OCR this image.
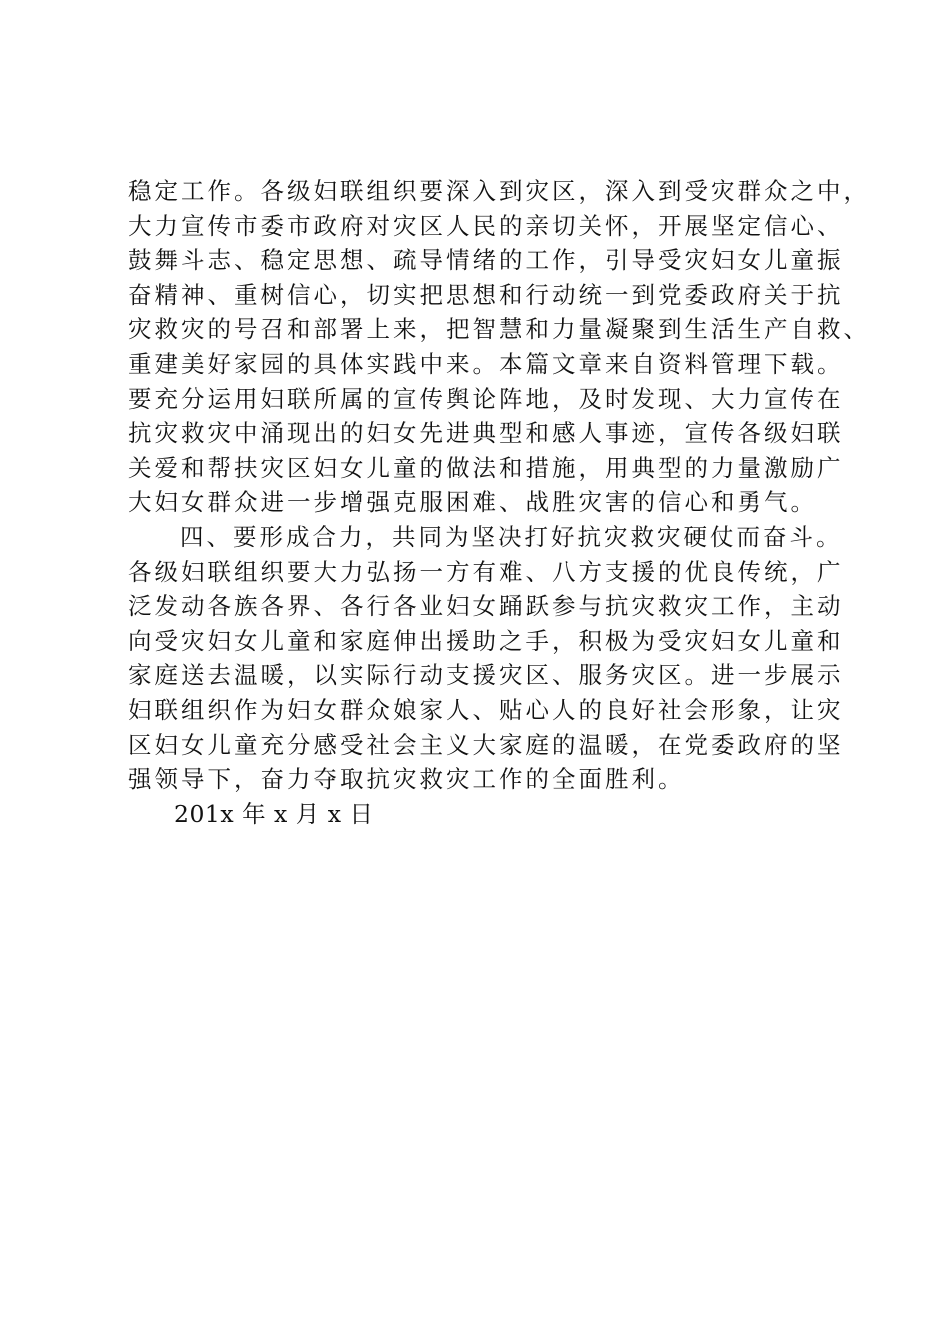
稳定工作。各级妇联组织要深入到灾区，深入到受灾群众之中，
大力宣传市委市政府对灾区人民的亲切关怀，开展坚定信心、
鼓舞斗志、稳定思想、疏导情绪的工作，引导受灾妇女儿童振
奋精神、重树信心，切实把思想和行动统一到党委政府关于抗
灾救灾的号召和部署上来，把智慧和力量凝聚到生活生产自救、
重建美好家园的具体实践中来。本篇文章来自资料管理下载。
要充分运用妇联所属的宣传舆论阵地，及时发现、大力宣传在
抗灾救灾中涌现出的妇女先进典型和感人事迹，宣传各级妇联
关爱和帮扶灾区妇女儿童的做法和措施，用典型的力量激励广
大妇女群众进一步增强克服困难、战胜灾害的信心和勇气。
四、要形成合力，共同为坚决打好抗灾救灾硬仗而奋斗。
各级妇联组织要大力弘扬一方有难、八方支援的优良传统，广
泛发动各族各界、各行各业妇女踊跃参与抗灾救灾工作，主动
向受灾妇女儿童和家庭伸出援助之手，积极为受灾妇女儿童和
家庭送去温暖，以实际行动支援灾区、服务灾区。进一步展示
妇联组织作为妇女群众娘家人、贴心人的良好社会形象，让灾
区妇女儿童充分感受社会主义大家庭的温暖，在党委政府的坚
强领导下，奋力夺取抗灾救灾工作的全面胜利。
201x 年 x 月 x 日
